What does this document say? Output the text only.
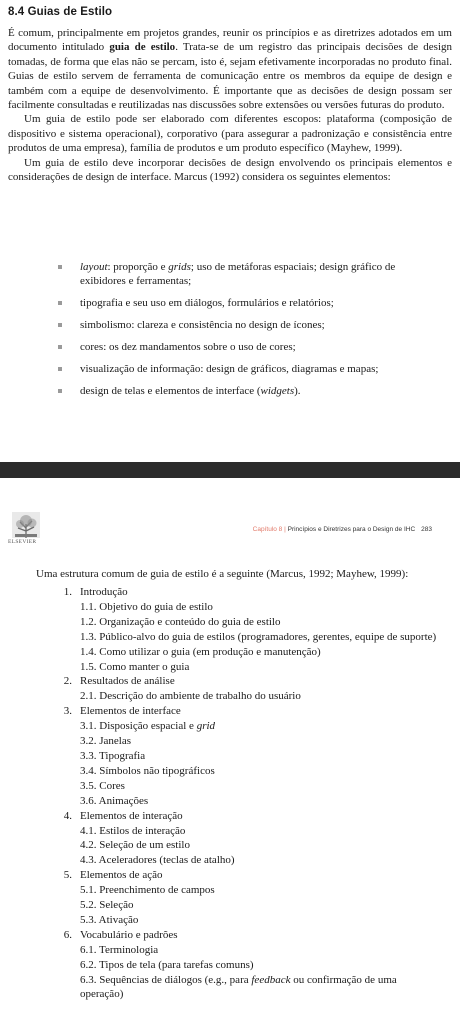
8.4 Guias de Estilo

É comum, principalmente em projetos grandes, reunir os princípios e as diretrizes adotados em um documento intitulado guia de estilo. Trata-se de um registro das principais decisões de design tomadas, de forma que elas não se percam, isto é, sejam efetivamente incorporadas no produto final. Guias de estilo servem de ferramenta de comunicação entre os membros da equipe de design e também com a equipe de desenvolvimento. É importante que as decisões de design possam ser facilmente consultadas e reutilizadas nas discussões sobre extensões ou versões futuras do produto.

Um guia de estilo pode ser elaborado com diferentes escopos: plataforma (composição de dispositivo e sistema operacional), corporativo (para assegurar a padronização e consistência entre produtos de uma empresa), família de produtos e um produto específico (Mayhew, 1999).

Um guia de estilo deve incorporar decisões de design envolvendo os principais elementos e considerações de design de interface. Marcus (1992) considera os seguintes elementos:

layout: proporção e grids; uso de metáforas espaciais; design gráfico de exibidores e ferramentas;
tipografia e seu uso em diálogos, formulários e relatórios;
simbolismo: clareza e consistência no design de ícones;
cores: os dez mandamentos sobre o uso de cores;
visualização de informação: design de gráficos, diagramas e mapas;
design de telas e elementos de interface (widgets).
ELSEVIER
Capítulo 8 | Princípios e Diretrizes para o Design de IHC 283
Uma estrutura comum de guia de estilo é a seguinte (Marcus, 1992; Mayhew, 1999):
1. Introdução
1.1. Objetivo do guia de estilo
1.2. Organização e conteúdo do guia de estilo
1.3. Público-alvo do guia de estilos (programadores, gerentes, equipe de suporte)
1.4. Como utilizar o guia (em produção e manutenção)
1.5. Como manter o guia
2. Resultados de análise
2.1. Descrição do ambiente de trabalho do usuário
3. Elementos de interface
3.1. Disposição espacial e grid
3.2. Janelas
3.3. Tipografia
3.4. Símbolos não tipográficos
3.5. Cores
3.6. Animações
4. Elementos de interação
4.1. Estilos de interação
4.2. Seleção de um estilo
4.3. Aceleradores (teclas de atalho)
5. Elementos de ação
5.1. Preenchimento de campos
5.2. Seleção
5.3. Ativação
6. Vocabulário e padrões
6.1. Terminologia
6.2. Tipos de tela (para tarefas comuns)
6.3. Sequências de diálogos (e.g., para feedback ou confirmação de uma operação)
